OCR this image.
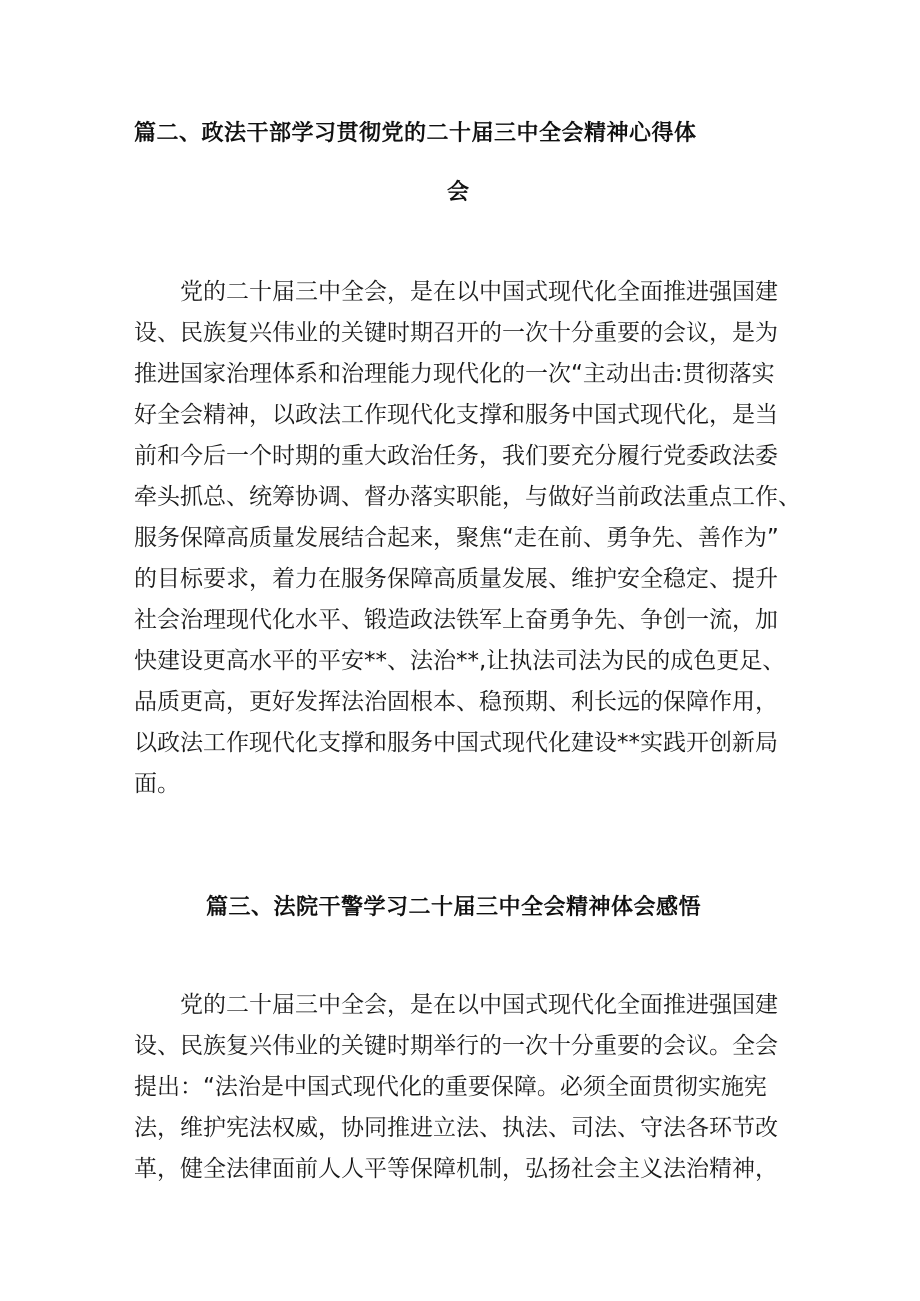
篇二、政法干部学习贯彻党的二十届三中全会精神心得体
会
　　党的二十届三中全会，是在以中国式现代化全面推进强国建
设、民族复兴伟业的关键时期召开的一次十分重要的会议，是为
推进国家治理体系和治理能力现代化的一次“主动出击:贯彻落实
好全会精神，以政法工作现代化支撑和服务中国式现代化，是当
前和今后一个时期的重大政治任务，我们要充分履行党委政法委
牵头抓总、统筹协调、督办落实职能，与做好当前政法重点工作、
服务保障高质量发展结合起来，聚焦“走在前、勇争先、善作为”
的目标要求，着力在服务保障高质量发展、维护安全稳定、提升
社会治理现代化水平、锻造政法铁军上奋勇争先、争创一流，加
快建设更高水平的平安**、法治**,让执法司法为民的成色更足、
品质更高，更好发挥法治固根本、稳预期、利长远的保障作用，
以政法工作现代化支撑和服务中国式现代化建设**实践开创新局
面。
篇三、法院干警学习二十届三中全会精神体会感悟
　　党的二十届三中全会，是在以中国式现代化全面推进强国建
设、民族复兴伟业的关键时期举行的一次十分重要的会议。全会
提出：“法治是中国式现代化的重要保障。必须全面贯彻实施宪
法，维护宪法权威，协同推进立法、执法、司法、守法各环节改
革，健全法律面前人人平等保障机制，弘扬社会主义法治精神，
